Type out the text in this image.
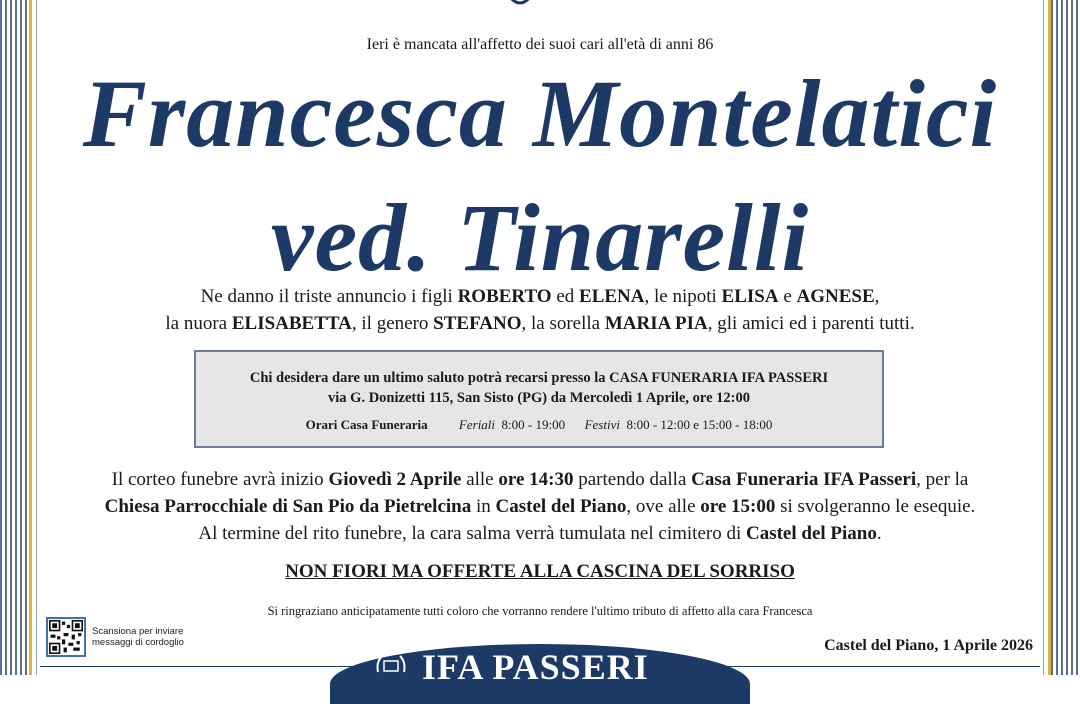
Ieri è mancata all'affetto dei suoi cari all'età di anni 86
Francesca Montelatici
ved. Tinarelli
Ne danno il triste annuncio i figli ROBERTO ed ELENA, le nipoti ELISA e AGNESE,
la nuora ELISABETTA, il genero STEFANO, la sorella MARIA PIA, gli amici ed i parenti tutti.
Chi desidera dare un ultimo saluto potrà recarsi presso la CASA FUNERARIA IFA PASSERI
via G. Donizetti 115, San Sisto (PG) da Mercoledì 1 Aprile, ore 12:00
Orari Casa Funeraria Feriali 8:00 - 19:00 Festivi 8:00 - 12:00 e 15:00 - 18:00
Il corteo funebre avrà inizio Giovedì 2 Aprile alle ore 14:30 partendo dalla Casa Funeraria IFA Passeri, per la
Chiesa Parrocchiale di San Pio da Pietrelcina in Castel del Piano, ove alle ore 15:00 si svolgeranno le esequie.
Al termine del rito funebre, la cara salma verrà tumulata nel cimitero di Castel del Piano.
NON FIORI MA OFFERTE ALLA CASCINA DEL SORRISO
Si ringraziano anticipatamente tutti coloro che vorranno rendere l'ultimo tributo di affetto alla cara Francesca
Scansiona per inviare
messaggi di cordoglio	Castel del Piano, 1 Aprile 2026
IFA PASSERI
